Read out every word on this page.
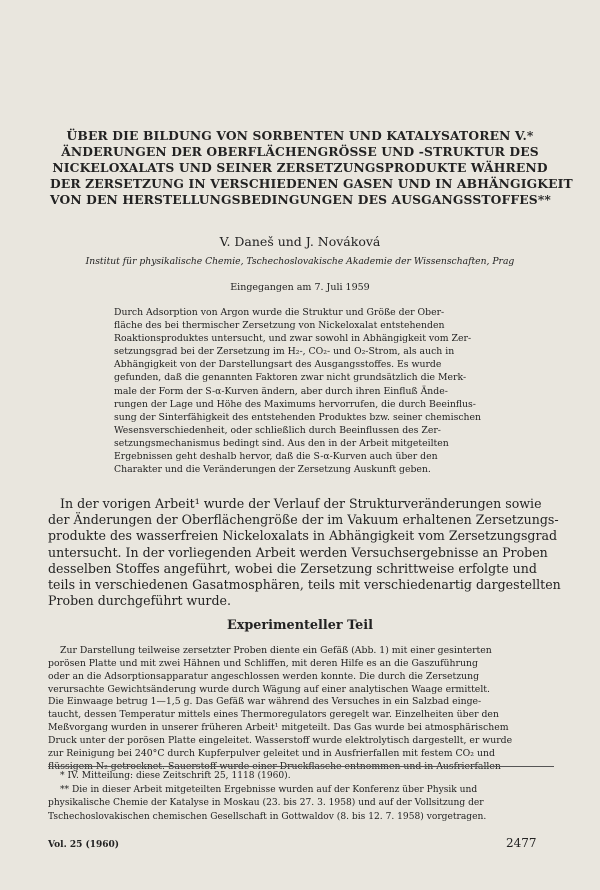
ÜBER DIE BILDUNG VON SORBENTEN UND KATALYSATOREN V.*
ÄNDERUNGEN DER OBERFLÄCHENGRÖSSE UND -STRUKTUR DES
NICKELOXALATS UND SEINER ZERSETZUNGSPRODUKTE WÄHREND
DER ZERSETZUNG IN VERSCHIEDENEN GASEN UND IN ABHÄNGIGKEIT
VON DEN HERSTELLUNGSBEDINGUNGEN DES AUSGANGSSTOFFES**
V. Daneš und J. Nováková
Institut für physikalische Chemie, Tschechoslovakische Akademie der Wissenschaften, Prag
Eingegangen am 7. Juli 1959
Durch Adsorption von Argon wurde die Struktur und Größe der Ober-
fläche des bei thermischer Zersetzung von Nickeloxalat entstehenden
Roaktionsproduktes untersucht, und zwar sowohl in Abhängigkeit vom Zer-
setzungsgrad bei der Zersetzung im H₂-, CO₂- und O₂-Strom, als auch in
Abhängigkeit von der Darstellungsart des Ausgangsstoffes. Es wurde
gefunden, daß die genannten Faktoren zwar nicht grundsätzlich die Merk-
male der Form der S-α-Kurven ändern, aber durch ihren Einfluß Ände-
rungen der Lage und Höhe des Maximums hervorrufen, die durch Beeinflus-
sung der Sinterfähigkeit des entstehenden Produktes bzw. seiner chemischen
Wesensverschiedenheit, oder schließlich durch Beeinflussen des Zer-
setzungsmechanismus bedingt sind. Aus den in der Arbeit mitgeteilten
Ergebnissen geht deshalb hervor, daß die S-α-Kurven auch über den
Charakter und die Veränderungen der Zersetzung Auskunft geben.
In der vorigen Arbeit¹ wurde der Verlauf der Strukturveränderungen sowie
der Änderungen der Oberflächengröße der im Vakuum erhaltenen Zersetzungs-
produkte des wasserfreien Nickeloxalats in Abhängigkeit vom Zersetzungsgrad
untersucht. In der vorliegenden Arbeit werden Versuchsergebnisse an Proben
desselben Stoffes angeführt, wobei die Zersetzung schrittweise erfolgte und
teils in verschiedenen Gasatmosphären, teils mit verschiedenartig dargestellten
Proben durchgeführt wurde.
Experimenteller Teil
Zur Darstellung teilweise zersetzter Proben diente ein Gefäß (Abb. 1) mit einer gesinterten
porösen Platte und mit zwei Hähnen und Schliffen, mit deren Hilfe es an die Gaszuführung
oder an die Adsorptionsapparatur angeschlossen werden konnte. Die durch die Zersetzung
verursachte Gewichtsänderung wurde durch Wägung auf einer analytischen Waage ermittelt.
Die Einwaage betrug 1—1,5 g. Das Gefäß war während des Versuches in ein Salzbad einge-
taucht, dessen Temperatur mittels eines Thermoregulators geregelt war. Einzelheiten über den
Meßvorgang wurden in unserer früheren Arbeit¹ mitgeteilt. Das Gas wurde bei atmosphärischem
Druck unter der porösen Platte eingeleitet. Wasserstoff wurde elektrolytisch dargestellt, er wurde
zur Reinigung bei 240°C durch Kupferpulver geleitet und in Ausfrierfallen mit festem CO₂ und
flüssigem N₂ getrocknet. Sauerstoff wurde einer Druckflasche entnommen und in Ausfrierfallen
* IV. Mitteilung: diese Zeitschrift 25, 1118 (1960).
** Die in dieser Arbeit mitgeteilten Ergebnisse wurden auf der Konferenz über Physik und
physikalische Chemie der Katalyse in Moskau (23. bis 27. 3. 1958) und auf der Vollsitzung der
Tschechoslovakischen chemischen Gesellschaft in Gottwaldov (8. bis 12. 7. 1958) vorgetragen.
Vol. 25 (1960)	2477
